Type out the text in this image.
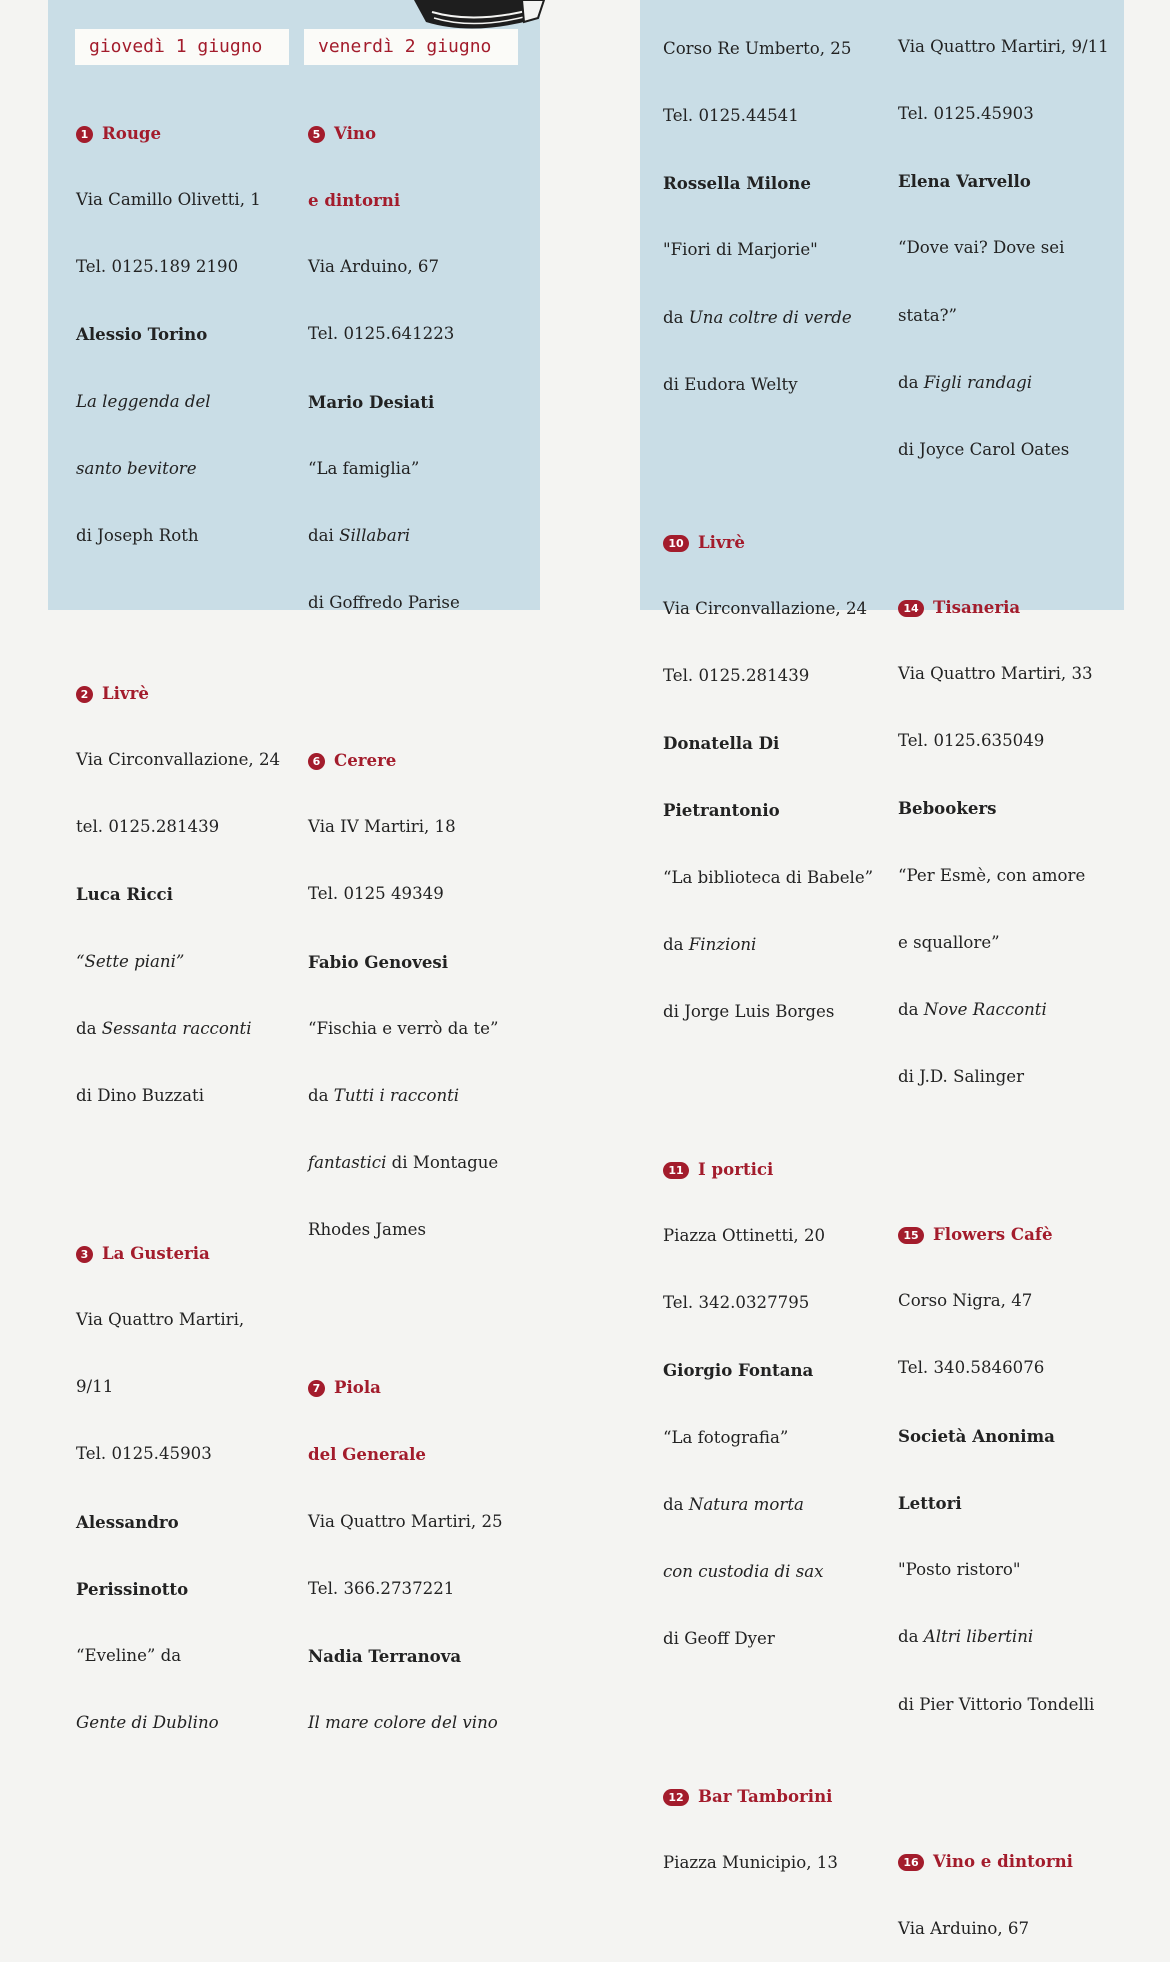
giovedì 1 giugno	venerdì 2 giugno

1 Rouge

Via Camillo Olivetti, 1

Tel. 0125.189 2190

Alessio Torino

La leggenda del

santo bevitore

di Joseph Roth

2 Livrè

Via Circonvallazione, 24

tel. 0125.281439

Luca Ricci

“Sette piani”

da Sessanta racconti

di Dino Buzzati

3 La Gusteria

Via Quattro Martiri,

9/11

Tel. 0125.45903

Alessandro

Perissinotto

“Eveline” da

Gente di Dublino

5 Vino

e dintorni

Via Arduino, 67

Tel. 0125.641223

Mario Desiati

“La famiglia”

dai Sillabari

di Goffredo Parise

6 Cerere

Via IV Martiri, 18

Tel. 0125 49349

Fabio Genovesi

“Fischia e verrò da te”

da Tutti i racconti

fantastici di Montague

Rhodes James

7 Piola

del Generale

Via Quattro Martiri, 25

Tel. 366.2737221

Nadia Terranova

Il mare colore del vino

Corso Re Umberto, 25

Tel. 0125.44541

Rossella Milone

"Fiori di Marjorie"

da Una coltre di verde

di Eudora Welty

10 Livrè

Via Circonvallazione, 24

Tel. 0125.281439

Donatella Di

Pietrantonio

“La biblioteca di Babele”

da Finzioni

di Jorge Luis Borges

11 I portici

Piazza Ottinetti, 20

Tel. 342.0327795

Giorgio Fontana

“La fotografia”

da Natura morta

con custodia di sax

di Geoff Dyer

12 Bar Tamborini

Piazza Municipio, 13

Via Quattro Martiri, 9/11

Tel. 0125.45903

Elena Varvello

“Dove vai? Dove sei

stata?”

da Figli randagi

di Joyce Carol Oates

14 Tisaneria

Via Quattro Martiri, 33

Tel. 0125.635049

Bebookers

“Per Esmè, con amore

e squallore”

da Nove Racconti

di J.D. Salinger

15 Flowers Cafè

Corso Nigra, 47

Tel. 340.5846076

Società Anonima

Lettori

"Posto ristoro"

da Altri libertini

di Pier Vittorio Tondelli

16 Vino e dintorni

Via Arduino, 67
